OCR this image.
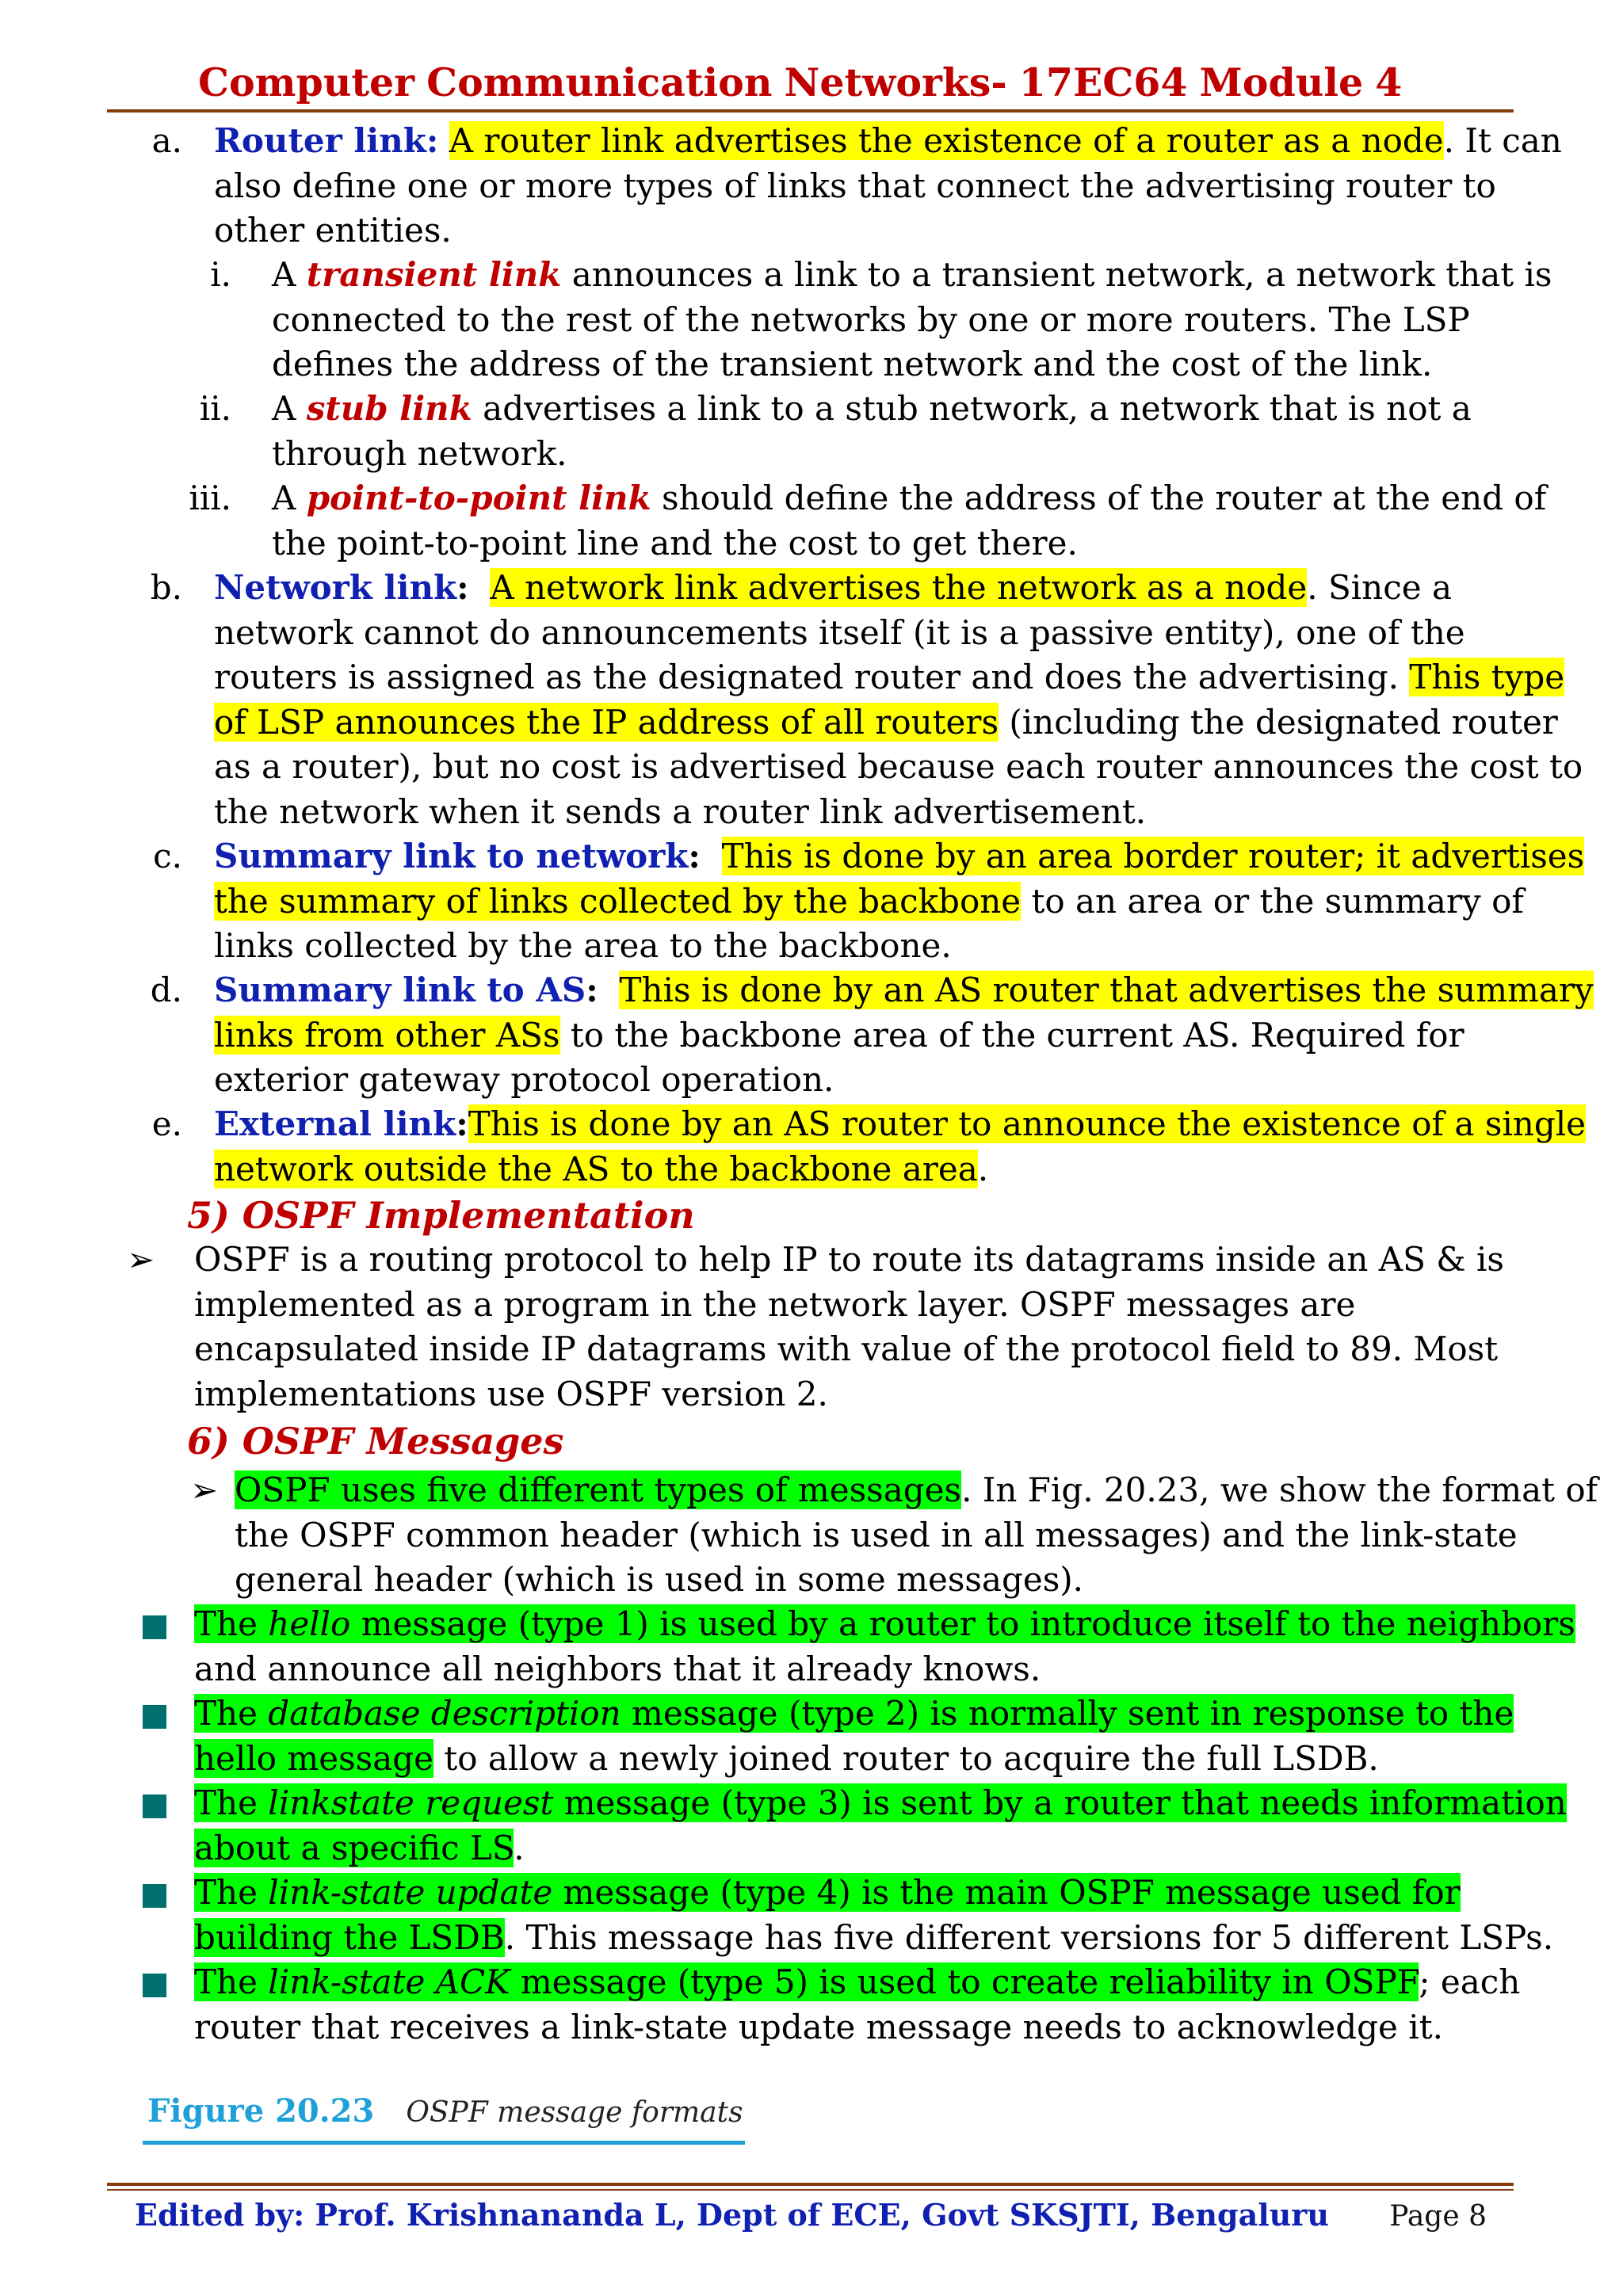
Computer Communication Networks- 17EC64 Module 4
a. Router link: A router link advertises the existence of a router as a node. It can
also define one or more types of links that connect the advertising router to
other entities.
i. A transient link announces a link to a transient network, a network that is
connected to the rest of the networks by one or more routers. The LSP
defines the address of the transient network and the cost of the link.
ii. A stub link advertises a link to a stub network, a network that is not a
through network.
iii. A point-to-point link should define the address of the router at the end of
the point-to-point line and the cost to get there.
b. Network link: A network link advertises the network as a node. Since a
network cannot do announcements itself (it is a passive entity), one of the
routers is assigned as the designated router and does the advertising. This type
of LSP announces the IP address of all routers (including the designated router
as a router), but no cost is advertised because each router announces the cost to
the network when it sends a router link advertisement.
c. Summary link to network: This is done by an area border router; it advertises
the summary of links collected by the backbone to an area or the summary of
links collected by the area to the backbone.
d. Summary link to AS: This is done by an AS router that advertises the summary
links from other ASs to the backbone area of the current AS. Required for
exterior gateway protocol operation.
e. External link:This is done by an AS router to announce the existence of a single
network outside the AS to the backbone area.
5) OSPF Implementation
➢	OSPF is a routing protocol to help IP to route its datagrams inside an AS & is
implemented as a program in the network layer. OSPF messages are
encapsulated inside IP datagrams with value of the protocol field to 89. Most
implementations use OSPF version 2.
6) OSPF Messages
➢ OSPF uses five different types of messages. In Fig. 20.23, we show the format of
the OSPF common header (which is used in all messages) and the link-state
general header (which is used in some messages).
The hello message (type 1) is used by a router to introduce itself to the neighbors
and announce all neighbors that it already knows.
The database description message (type 2) is normally sent in response to the
hello message to allow a newly joined router to acquire the full LSDB.
The linkstate request message (type 3) is sent by a router that needs information
about a specific LS.
The link-state update message (type 4) is the main OSPF message used for
building the LSDB. This message has five different versions for 5 different LSPs.
The link-state ACK message (type 5) is used to create reliability in OSPF; each
router that receives a link-state update message needs to acknowledge it.
Figure 20.23 OSPF message formats
Edited by: Prof. Krishnananda L, Dept of ECE, Govt SKSJTI, Bengaluru Page 8
